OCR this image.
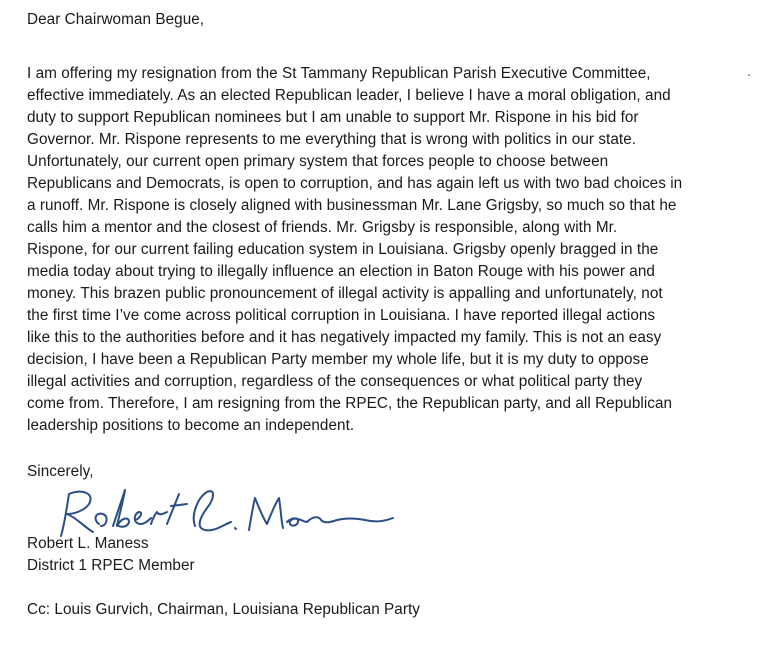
Dear Chairwoman Begue,
I am offering my resignation from the St Tammany Republican Parish Executive Committee,
effective immediately. As an elected Republican leader, I believe I have a moral obligation, and
duty to support Republican nominees but I am unable to support Mr. Rispone in his bid for
Governor. Mr. Rispone represents to me everything that is wrong with politics in our state.
Unfortunately, our current open primary system that forces people to choose between
Republicans and Democrats, is open to corruption, and has again left us with two bad choices in
a runoff. Mr. Rispone is closely aligned with businessman Mr. Lane Grigsby, so much so that he
calls him a mentor and the closest of friends. Mr. Grigsby is responsible, along with Mr.
Rispone, for our current failing education system in Louisiana. Grigsby openly bragged in the
media today about trying to illegally influence an election in Baton Rouge with his power and
money. This brazen public pronouncement of illegal activity is appalling and unfortunately, not
the first time I’ve come across political corruption in Louisiana. I have reported illegal actions
like this to the authorities before and it has negatively impacted my family. This is not an easy
decision, I have been a Republican Party member my whole life, but it is my duty to oppose
illegal activities and corruption, regardless of the consequences or what political party they
come from. Therefore, I am resigning from the RPEC, the Republican party, and all Republican
leadership positions to become an independent.
Sincerely,
Robert L. Maness
District 1 RPEC Member
Cc: Louis Gurvich, Chairman, Louisiana Republican Party
